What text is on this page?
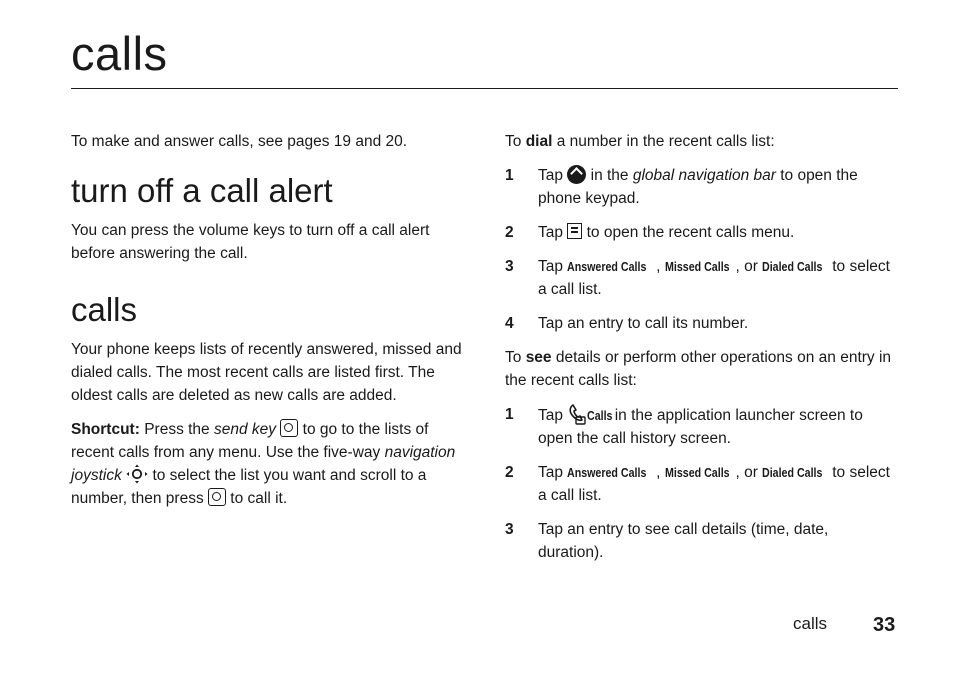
calls

To make and answer calls, see pages 19 and 20.

turn off a call alert

You can press the volume keys to turn off a call alert before answering the call.

calls

Your phone keeps lists of recently answered, missed and dialed calls. The most recent calls are listed first. The oldest calls are deleted as new calls are added.

Shortcut: Press the send key  to go to the lists of recent calls from any menu. Use the five-way navigation joystick  to select the list you want and scroll to a number, then press  to call it.

To dial a number in the recent calls list:

1	Tap  in the global navigation bar to open the phone keypad.
2	Tap  to open the recent calls menu.
3	Tap Answered Calls , Missed Calls , or Dialed Calls to select a call list.
4	Tap an entry to call its number.

To see details or perform other operations on an entry in the recent calls list:

1	Tap Calls in the application launcher screen to open the call history screen.
2	Tap Answered Calls , Missed Calls , or Dialed Calls to select a call list.
3	Tap an entry to see call details (time, date, duration).
calls 33
